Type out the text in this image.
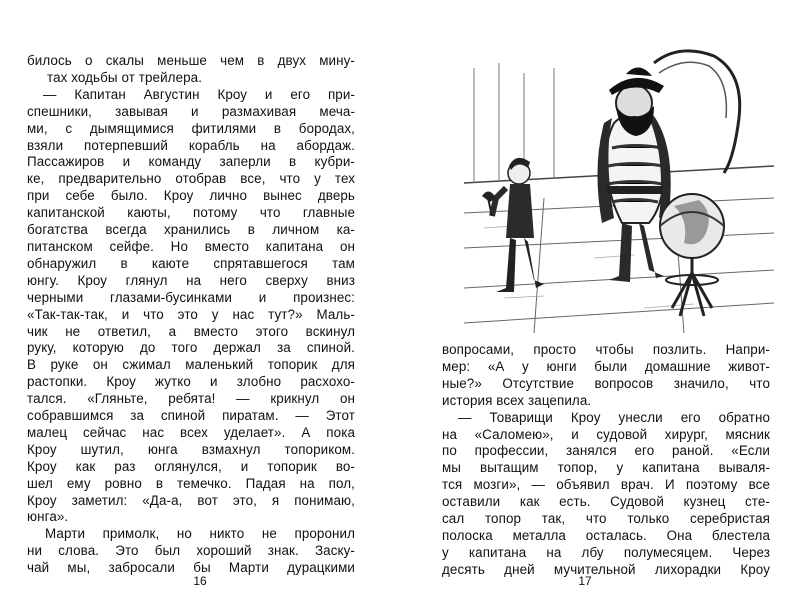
билось о скалы меньше чем в двух мину-
тах ходьбы от трейлера.
— Капитан Августин Кроу и его при-
спешники, завывая и размахивая меча-
ми, с дымящимися фитилями в бородах,
взяли потерпевший корабль на абордаж.
Пассажиров и команду заперли в кубри-
ке, предварительно отобрав все, что у тех
при себе было. Кроу лично вынес дверь
капитанской каюты, потому что главные
богатства всегда хранились в личном ка-
питанском сейфе. Но вместо капитана он
обнаружил в каюте спрятавшегося там
юнгу. Кроу глянул на него сверху вниз
черными глазами-бусинками и произнес:
«Так-так-так, и что это у нас тут?» Маль-
чик не ответил, а вместо этого вскинул
руку, которую до того держал за спиной.
В руке он сжимал маленький топорик для
растопки. Кроу жутко и злобно расхохо-
тался. «Гляньте, ребята! — крикнул он
собравшимся за спиной пиратам. — Этот
малец сейчас нас всех уделает». А пока
Кроу шутил, юнга взмахнул топориком.
Кроу как раз оглянулся, и топорик во-
шел ему ровно в темечко. Падая на пол,
Кроу заметил: «Да-а, вот это, я понимаю,
юнга».
Марти примолк, но никто не проронил
ни слова. Это был хороший знак. Заску-
чай мы, забросали бы Марти дурацкими
16
вопросами, просто чтобы позлить. Напри-
мер: «А у юнги были домашние живот-
ные?» Отсутствие вопросов значило, что
история всех зацепила.
— Товарищи Кроу унесли его обратно
на «Саломею», и судовой хирург, мясник
по профессии, занялся его раной. «Если
мы вытащим топор, у капитана вываля-
тся мозги», — объявил врач. И поэтому все
оставили как есть. Судовой кузнец сте-
сал топор так, что только серебристая
полоска металла осталась. Она блестела
у капитана на лбу полумесяцем. Через
десять дней мучительной лихорадки Кроу
17
